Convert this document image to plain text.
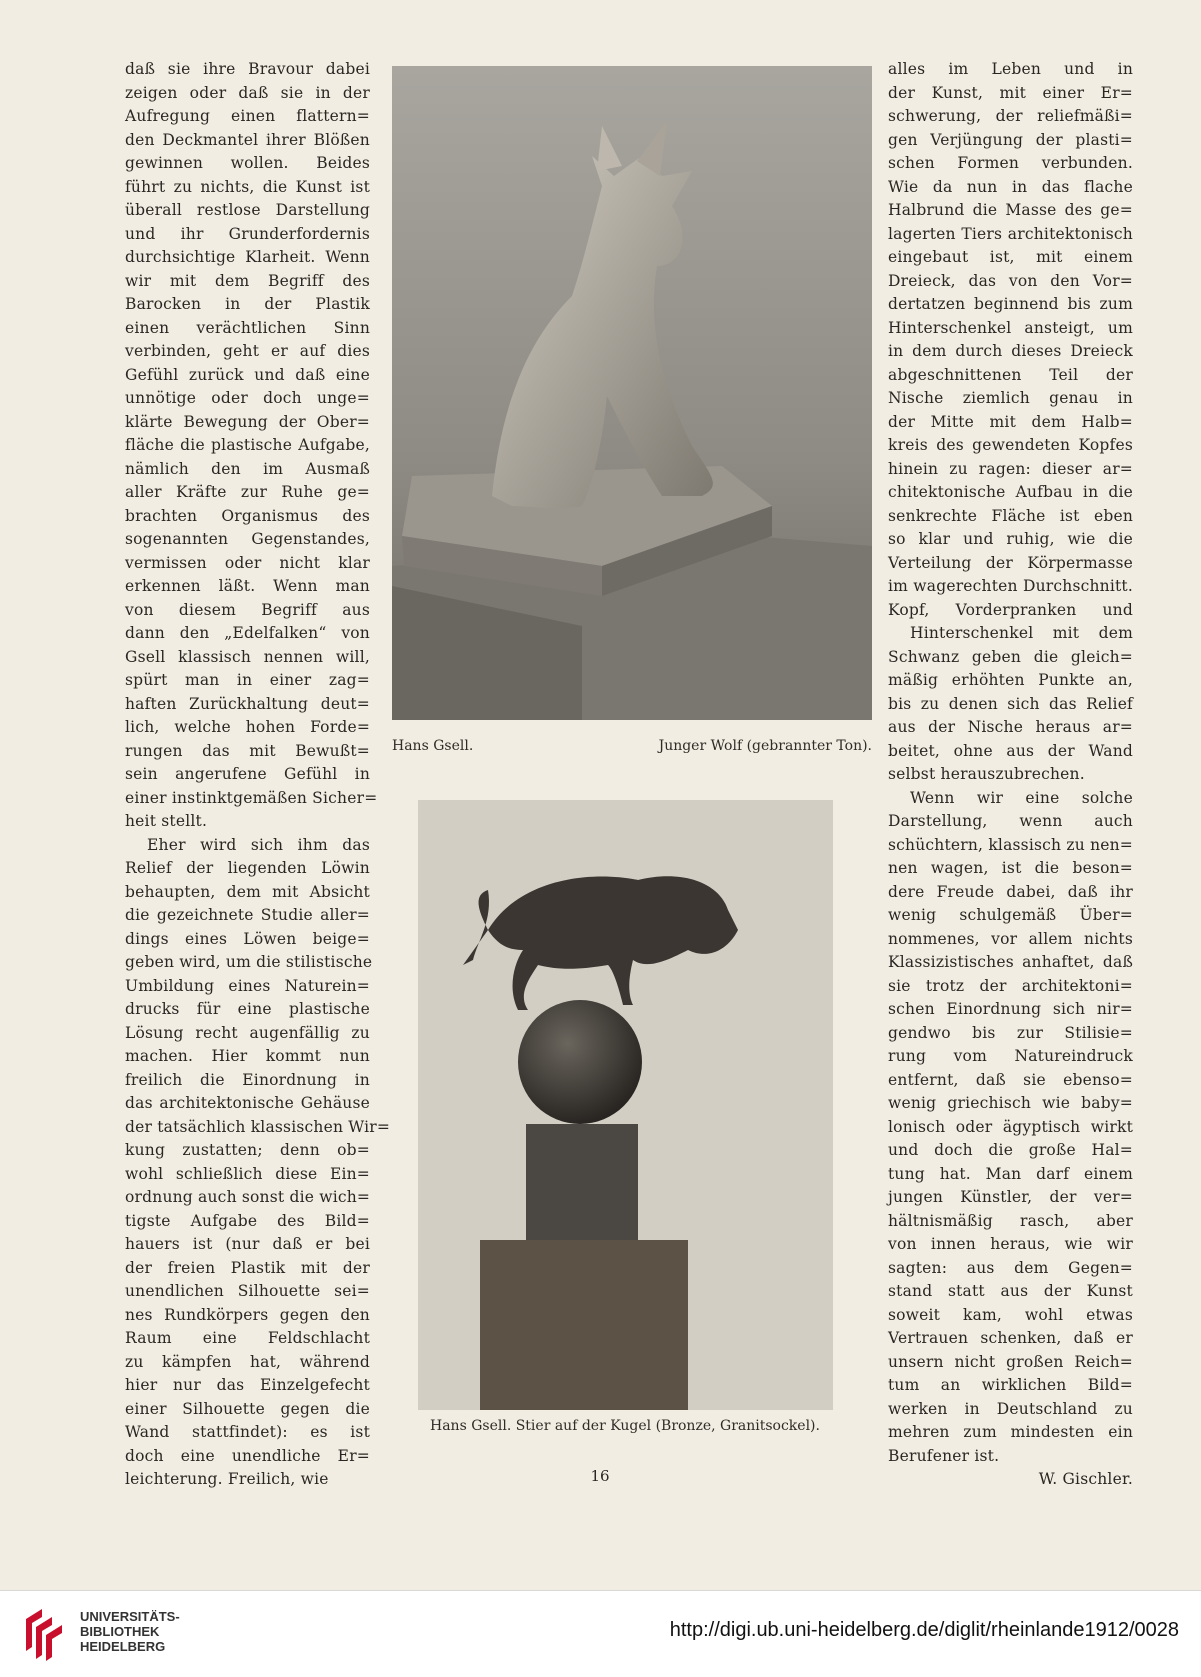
daß sie ihre Bravour dabei
zeigen oder daß sie in der
Aufregung einen flattern=
den Deckmantel ihrer Blößen
gewinnen wollen. Beides
führt zu nichts, die Kunst ist
überall restlose Darstellung
und ihr Grunderfordernis
durchsichtige Klarheit. Wenn
wir mit dem Begriff des
Barocken in der Plastik
einen verächtlichen Sinn
verbinden, geht er auf dies
Gefühl zurück und daß eine
unnötige oder doch unge=
klärte Bewegung der Ober=
fläche die plastische Aufgabe,
nämlich den im Ausmaß
aller Kräfte zur Ruhe ge=
brachten Organismus des
sogenannten Gegenstandes,
vermissen oder nicht klar
erkennen läßt. Wenn man
von diesem Begriff aus
dann den „Edelfalken“ von
Gsell klassisch nennen will,
spürt man in einer zag=
haften Zurückhaltung deut=
lich, welche hohen Forde=
rungen das mit Bewußt=
sein angerufene Gefühl in
einer instinktgemäßen Sicher=
heit stellt.
Eher wird sich ihm das
Relief der liegenden Löwin
behaupten, dem mit Absicht
die gezeichnete Studie aller=
dings eines Löwen beige=
geben wird, um die stilistische
Umbildung eines Naturein=
drucks für eine plastische
Lösung recht augenfällig zu
machen. Hier kommt nun
freilich die Einordnung in
das architektonische Gehäuse
der tatsächlich klassischen Wir=
kung zustatten; denn ob=
wohl schließlich diese Ein=
ordnung auch sonst die wich=
tigste Aufgabe des Bild=
hauers ist (nur daß er bei
der freien Plastik mit der
unendlichen Silhouette sei=
nes Rundkörpers gegen den
Raum eine Feldschlacht
zu kämpfen hat, während
hier nur das Einzelgefecht
einer Silhouette gegen die
Wand stattfindet): es ist
doch eine unendliche Er=
leichterung. Freilich, wie
Hans Gsell.	Junger Wolf (gebrannter Ton).
Hans Gsell. Stier auf der Kugel (Bronze, Granitsockel).
alles im Leben und in
der Kunst, mit einer Er=
schwerung, der reliefmäßi=
gen Verjüngung der plasti=
schen Formen verbunden.
Wie da nun in das flache
Halbrund die Masse des ge=
lagerten Tiers architektonisch
eingebaut ist, mit einem
Dreieck, das von den Vor=
dertatzen beginnend bis zum
Hinterschenkel ansteigt, um
in dem durch dieses Dreieck
abgeschnittenen Teil der
Nische ziemlich genau in
der Mitte mit dem Halb=
kreis des gewendeten Kopfes
hinein zu ragen: dieser ar=
chitektonische Aufbau in die
senkrechte Fläche ist eben
so klar und ruhig, wie die
Verteilung der Körpermasse
im wagerechten Durchschnitt.
Kopf, Vorderpranken und
Hinterschenkel mit dem
Schwanz geben die gleich=
mäßig erhöhten Punkte an,
bis zu denen sich das Relief
aus der Nische heraus ar=
beitet, ohne aus der Wand
selbst herauszubrechen.
Wenn wir eine solche
Darstellung, wenn auch
schüchtern, klassisch zu nen=
nen wagen, ist die beson=
dere Freude dabei, daß ihr
wenig schulgemäß Über=
nommenes, vor allem nichts
Klassizistisches anhaftet, daß
sie trotz der architektoni=
schen Einordnung sich nir=
gendwo bis zur Stilisie=
rung vom Natureindruck
entfernt, daß sie ebenso=
wenig griechisch wie baby=
lonisch oder ägyptisch wirkt
und doch die große Hal=
tung hat. Man darf einem
jungen Künstler, der ver=
hältnismäßig rasch, aber
von innen heraus, wie wir
sagten: aus dem Gegen=
stand statt aus der Kunst
soweit kam, wohl etwas
Vertrauen schenken, daß er
unsern nicht großen Reich=
tum an wirklichen Bild=
werken in Deutschland zu
mehren zum mindesten ein
Berufener ist.
W. Gischler.
16
UNIVERSITÄTS-
BIBLIOTHEK
HEIDELBERG
http://digi.ub.uni-heidelberg.de/diglit/rheinlande1912/0028
